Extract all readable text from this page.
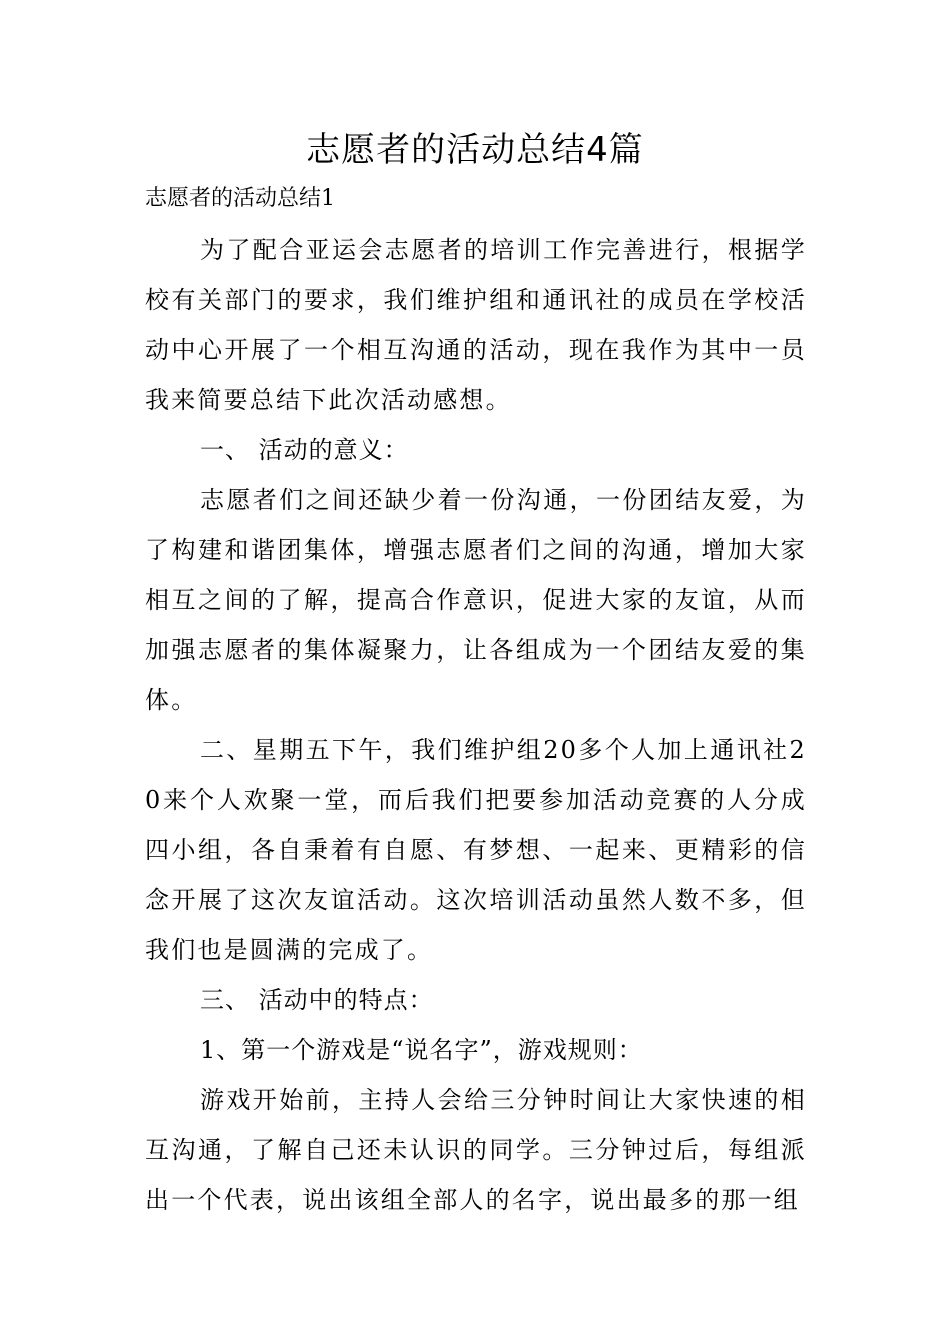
志愿者的活动总结4篇

志愿者的活动总结1

为了配合亚运会志愿者的培训工作完善进行，根据学校有关部门的要求，我们维护组和通讯社的成员在学校活动中心开展了一个相互沟通的活动，现在我作为其中一员我来简要总结下此次活动感想。

一、 活动的意义：

志愿者们之间还缺少着一份沟通，一份团结友爱，为了构建和谐团集体，增强志愿者们之间的沟通，增加大家相互之间的了解，提高合作意识，促进大家的友谊，从而加强志愿者的集体凝聚力，让各组成为一个团结友爱的集体。

二、星期五下午，我们维护组20多个人加上通讯社20来个人欢聚一堂，而后我们把要参加活动竞赛的人分成四小组，各自秉着有自愿、有梦想、一起来、更精彩的信念开展了这次友谊活动。这次培训活动虽然人数不多，但我们也是圆满的完成了。

三、 活动中的特点：

1、第一个游戏是“说名字”，游戏规则：

游戏开始前，主持人会给三分钟时间让大家快速的相互沟通，了解自己还未认识的同学。三分钟过后，每组派出一个代表，说出该组全部人的名字，说出最多的那一组
